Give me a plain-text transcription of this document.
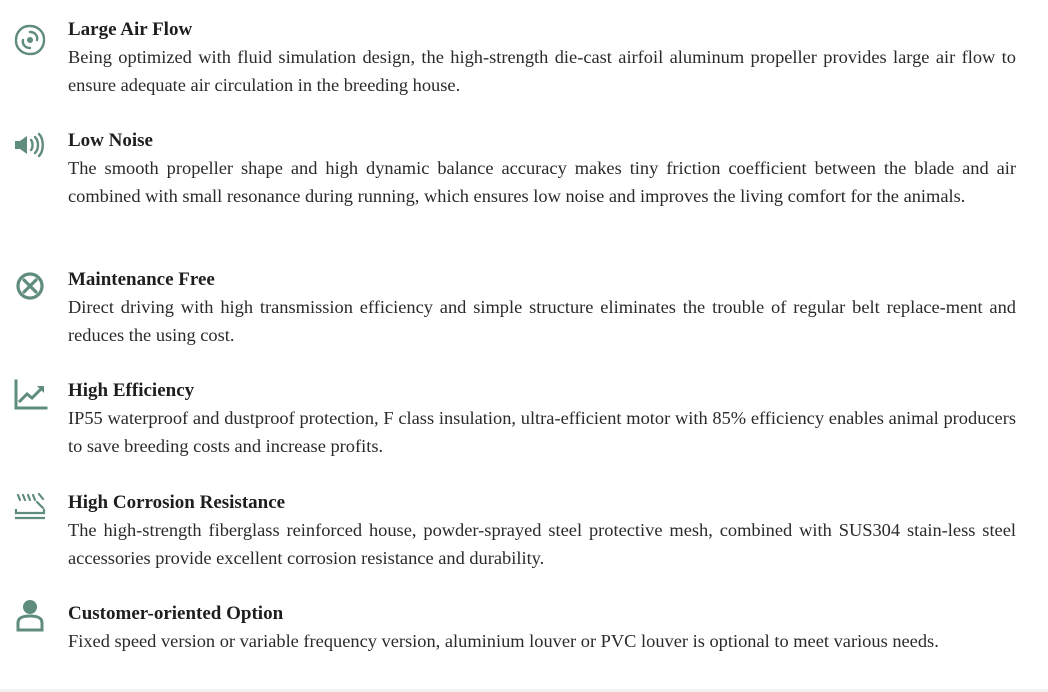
Large Air Flow
Being optimized with fluid simulation design, the high-strength die-cast airfoil aluminum propeller provides large air flow to ensure adequate air circulation in the breeding house.
Low Noise
The smooth propeller shape and high dynamic balance accuracy makes tiny friction coefficient between the blade and air combined with small resonance during running, which ensures low noise and improves the living comfort for the animals.
Maintenance Free
Direct driving with high transmission efficiency and simple structure eliminates the trouble of regular belt replace-ment and reduces the using cost.
High Efficiency
IP55 waterproof and dustproof protection, F class insulation, ultra-efficient motor with 85% efficiency enables animal producers to save breeding costs and increase profits.
High Corrosion Resistance
The high-strength fiberglass reinforced house, powder-sprayed steel protective mesh, combined with SUS304 stain-less steel accessories provide excellent corrosion resistance and durability.
Customer-oriented Option
Fixed speed version or variable frequency version, aluminium louver or PVC louver is optional to meet various needs.
